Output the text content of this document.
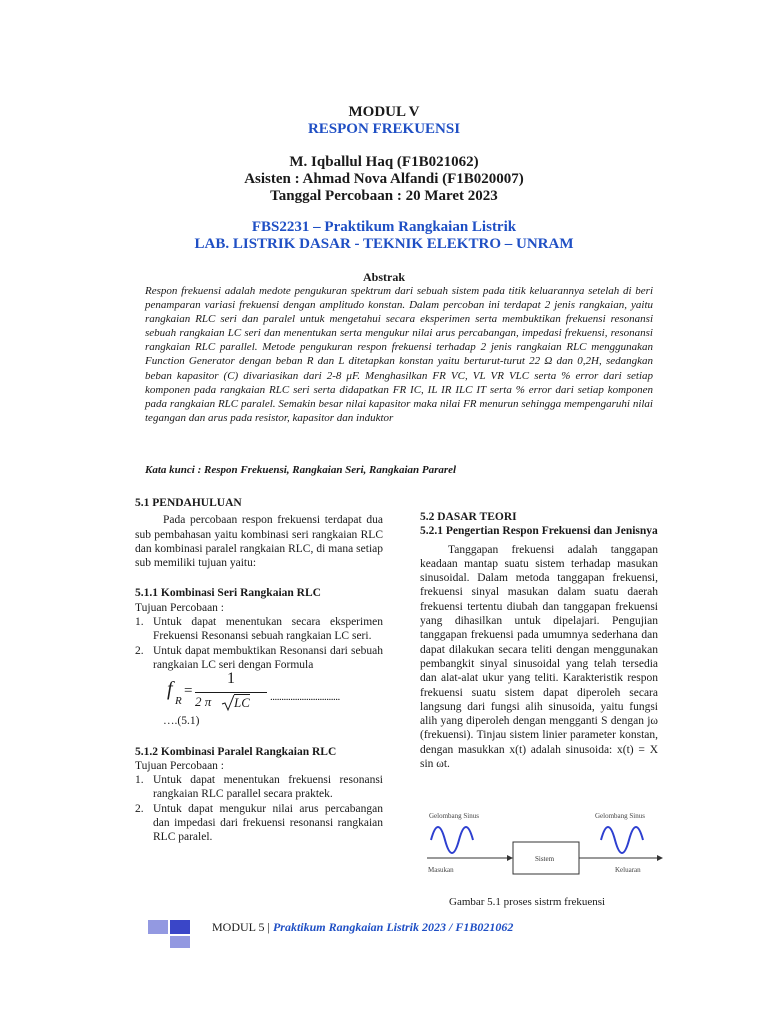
MODUL V
RESPON FREKUENSI
M. Iqballul Haq (F1B021062)
Asisten : Ahmad Nova Alfandi (F1B020007)
Tanggal Percobaan : 20 Maret 2023
FBS2231 – Praktikum Rangkaian Listrik
LAB. LISTRIK DASAR - TEKNIK ELEKTRO – UNRAM
Abstrak
Respon frekuensi adalah medote pengukuran spektrum dari sebuah sistem pada titik keluarannya setelah di beri penamparan variasi frekuensi dengan amplitudo konstan. Dalam percoban ini terdapat 2 jenis rangkaian, yaitu rangkaian RLC seri dan paralel untuk mengetahui secara eksperimen serta membuktikan frekuensi resonansi sebuah rangkaian LC seri dan menentukan serta mengukur nilai arus percabangan, impedasi frekuensi, resonansi rangkaian RLC parallel. Metode pengukuran respon frekuensi terhadap 2 jenis rangkaian RLC menggunakan Function Generator dengan beban R dan L ditetapkan konstan yaitu berturut-turut 22 Ω dan 0,2H, sedangkan beban kapasitor (C) divariasikan dari 2-8 μF. Menghasilkan FR VC, VL VR VLC serta % error dari setiap komponen pada rangkaian RLC seri serta didapatkan FR IC, IL IR ILC IT serta % error dari setiap komponen pada rangkaian RLC paralel. Semakin besar nilai kapasitor maka nilai FR menurun sehingga mempengaruhi nilai tegangan dan arus pada resistor, kapasitor dan induktor
Kata kunci : Respon Frekuensi, Rangkaian Seri, Rangkaian Pararel
5.1 PENDAHULUAN
Pada percobaan respon frekuensi terdapat dua sub pembahasan yaitu kombinasi seri rangkaian RLC dan kombinasi paralel rangkaian RLC, di mana setiap sub memiliki tujuan yaitu:
5.1.1 Kombinasi Seri Rangkaian RLC
Tujuan Percobaan :
1. Untuk dapat menentukan secara eksperimen Frekuensi Resonansi sebuah rangkaian LC seri.
2. Untuk dapat membuktikan Resonansi dari sebuah rangkaian LC seri dengan Formula
f
R
=
1
2 π LC ...............................
….(5.1)
5.1.2 Kombinasi Paralel Rangkaian RLC
Tujuan Percobaan :
1. Untuk dapat menentukan frekuensi resonansi rangkaian RLC parallel secara praktek.
2. Untuk dapat mengukur nilai arus percabangan dan impedasi dari frekuensi resonansi rangkaian RLC paralel.
5.2 DASAR TEORI
5.2.1 Pengertian Respon Frekuensi dan Jenisnya
Tanggapan frekuensi adalah tanggapan keadaan mantap suatu sistem terhadap masukan sinusoidal. Dalam metoda tanggapan frekuensi, frekuensi sinyal masukan dalam suatu daerah frekuensi tertentu diubah dan tanggapan frekuensi yang dihasilkan untuk dipelajari. Pengujian tanggapan frekuensi pada umumnya sederhana dan dapat dilakukan secara teliti dengan menggunakan pembangkit sinyal sinusoidal yang telah tersedia dan alat-alat ukur yang teliti. Karakteristik respon frekuensi suatu sistem dapat diperoleh secara langsung dari fungsi alih sinusoida, yaitu fungsi alih yang diperoleh dengan mengganti S dengan jω (frekuensi). Tinjau sistem linier parameter konstan, dengan masukkan x(t) adalah sinusoida: x(t) = X sin ωt.
Gelombang Sinus	Gelombang Sinus
Sistem
Masukan	Keluaran
Gambar 5.1 proses sistrm frekuensi
MODUL 5 | Praktikum Rangkaian Listrik 2023 / F1B021062
